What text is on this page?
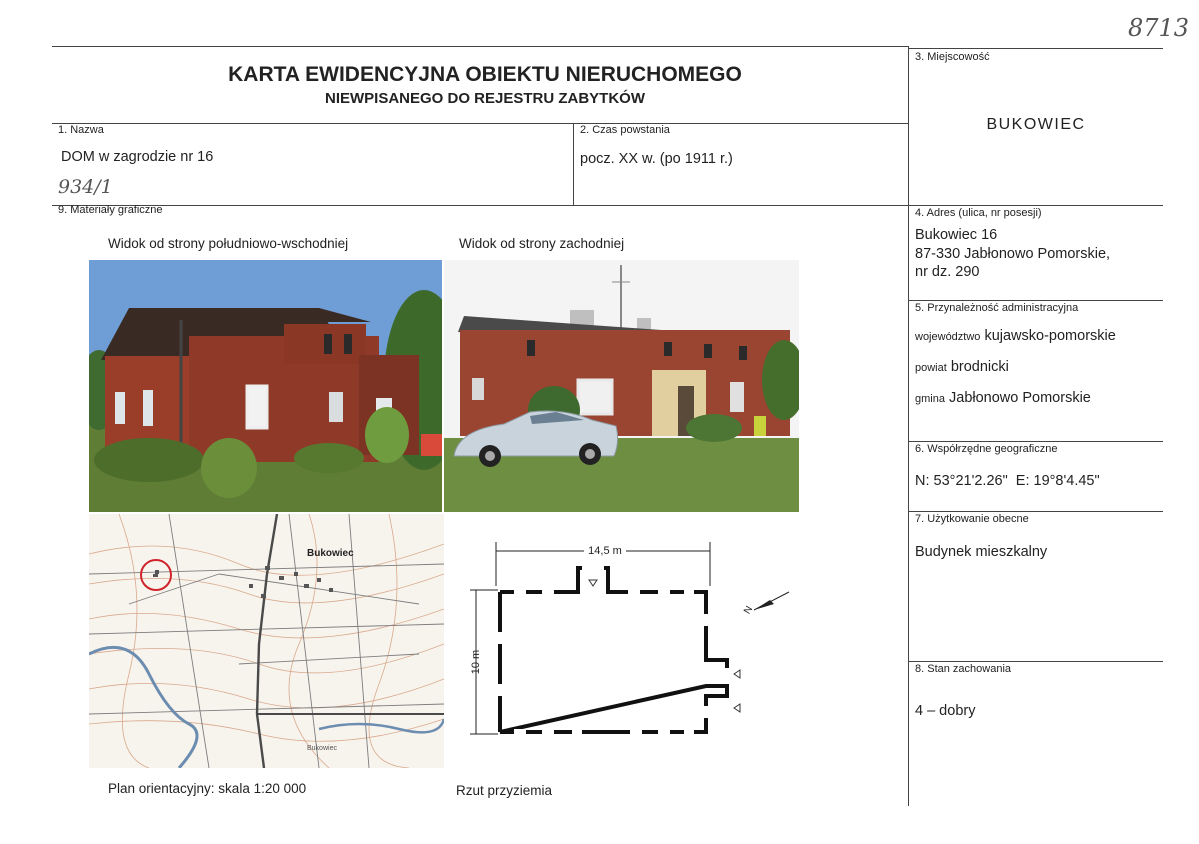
8713
KARTA EWIDENCYJNA OBIEKTU NIERUCHOMEGO
NIEWPISANEGO DO REJESTRU ZABYTKÓW
1. Nazwa
DOM w zagrodzie nr 16
934/1
2. Czas powstania
pocz. XX w. (po 1911 r.)
3. Miejscowość
BUKOWIEC
9. Materiały graficzne	4. Adres (ulica, nr posesji)
Bukowiec 16
87-330 Jabłonowo Pomorskie,
nr dz. 290
5. Przynależność administracyjna
województwo kujawsko-pomorskie
powiat brodnicki
gmina Jabłonowo Pomorskie
6. Współrzędne geograficzne
N: 53°21'2.26"  E: 19°8'4.45"
7. Użytkowanie obecne
Budynek mieszkalny
8. Stan zachowania
4 – dobry
Widok od strony południowo-wschodniej	Widok od strony zachodniej
Bukowiec
Bukowiec
14,5 m
10 m
N
Plan orientacyjny: skala 1:20 000	Rzut przyziemia
